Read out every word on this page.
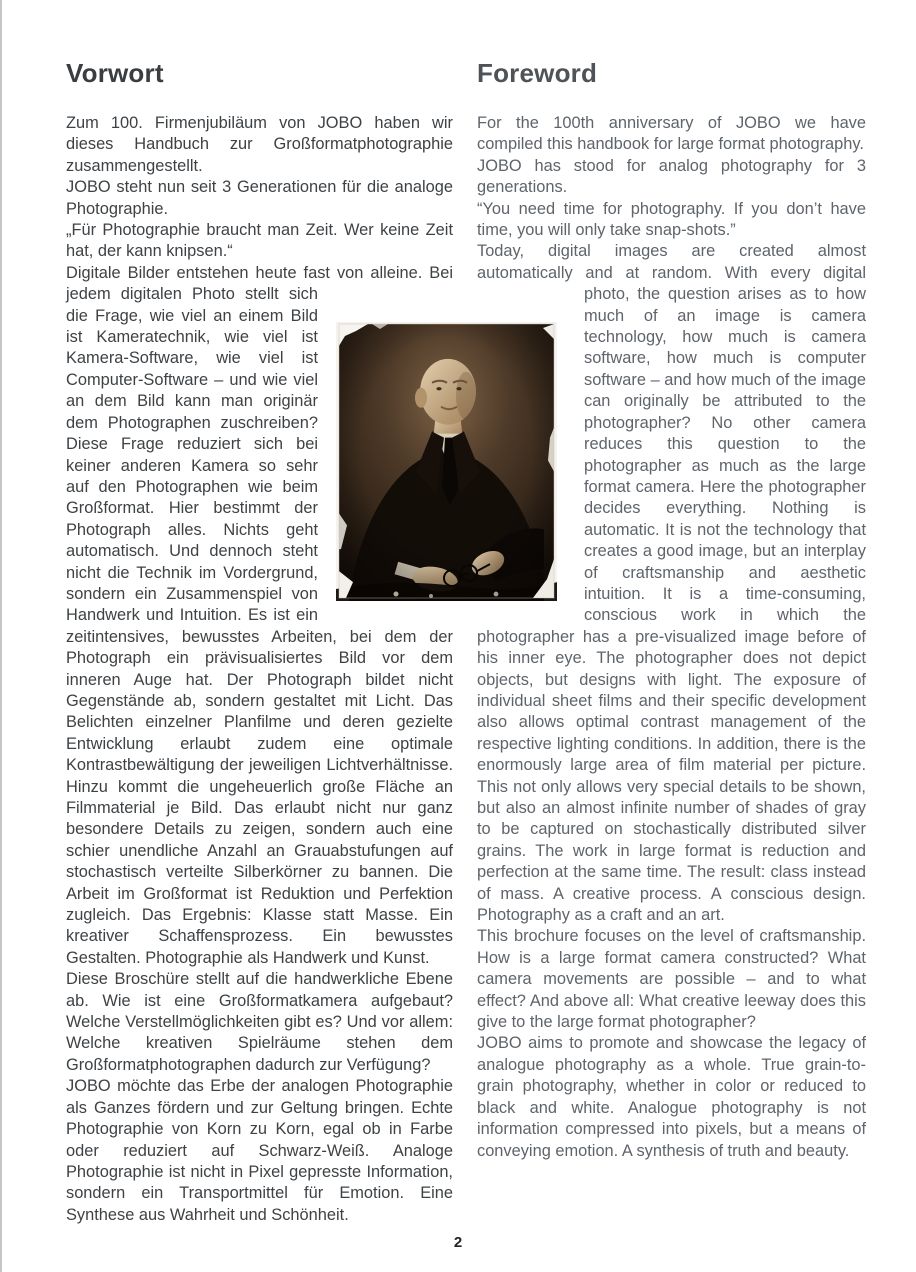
Vorwort

Zum 100. Firmenjubiläum von JOBO haben wir dieses Handbuch zur Großformatphotographie zusammengestellt.

JOBO steht nun seit 3 Generationen für die analoge Photographie.

„Für Photographie braucht man Zeit. Wer keine Zeit hat, der kann knipsen.“

Digitale Bilder entstehen heute fast von alleine. Bei jedem digitalen Photo stellt sich die Frage, wie viel an einem Bild ist Kameratechnik, wie viel ist Kamera-Software, wie viel ist Computer-Software – und wie viel an dem Bild kann man originär dem Photographen zuschreiben? Diese Frage reduziert sich bei keiner anderen Kamera so sehr auf den Photographen wie beim Großformat. Hier bestimmt der Photograph alles. Nichts geht automatisch. Und dennoch steht nicht die Technik im Vordergrund, sondern ein Zusammenspiel von Handwerk und Intuition. Es ist ein zeitintensives, bewusstes Arbeiten, bei dem der Photograph ein prävisualisiertes Bild vor dem inneren Auge hat. Der Photograph bildet nicht Gegenstände ab, sondern gestaltet mit Licht. Das Belichten einzelner Planfilme und deren gezielte Entwicklung erlaubt zudem eine optimale Kontrastbewältigung der jeweiligen Lichtverhältnisse. Hinzu kommt die ungeheuerlich große Fläche an Filmmaterial je Bild. Das erlaubt nicht nur ganz besondere Details zu zeigen, sondern auch eine schier unendliche Anzahl an Grauabstufungen auf stochastisch verteilte Silberkörner zu bannen. Die Arbeit im Großformat ist Reduktion und Perfektion zugleich. Das Ergebnis: Klasse statt Masse. Ein kreativer Schaffensprozess. Ein bewusstes Gestalten. Photographie als Handwerk und Kunst.

Diese Broschüre stellt auf die handwerkliche Ebene ab. Wie ist eine Großformatkamera aufgebaut? Welche Verstellmöglichkeiten gibt es? Und vor allem: Welche kreativen Spielräume stehen dem Großformatphotographen dadurch zur Verfügung?

JOBO möchte das Erbe der analogen Photographie als Ganzes fördern und zur Geltung bringen. Echte Photographie von Korn zu Korn, egal ob in Farbe oder reduziert auf Schwarz-Weiß. Analoge Photographie ist nicht in Pixel gepresste Information, sondern ein Transportmittel für Emotion. Eine Synthese aus Wahrheit und Schönheit.

Foreword

For the 100th anniversary of JOBO we have compiled this handbook for large format photography.

JOBO has stood for analog photography for 3 generations.

“You need time for photography. If you don’t have time, you will only take snap-shots.”

Today, digital images are created almost automatically and at random. With every digital photo, the question arises as to how much of an image is camera technology, how much is camera software, how much is computer software – and how much of the image can originally be attributed to the photographer? No other camera reduces this question to the photographer as much as the large format camera. Here the photographer decides everything. Nothing is automatic. It is not the technology that creates a good image, but an interplay of craftsmanship and aesthetic intuition. It is a time-consuming, conscious work in which the photographer has a pre-visualized image before of his inner eye. The photographer does not depict objects, but designs with light. The exposure of individual sheet films and their specific development also allows optimal contrast management of the respective lighting conditions. In addition, there is the enormously large area of film material per picture. This not only allows very special details to be shown, but also an almost infinite number of shades of gray to be captured on stochastically distributed silver grains. The work in large format is reduction and perfection at the same time. The result: class instead of mass. A creative process. A conscious design. Photography as a craft and an art.

This brochure focuses on the level of craftsmanship. How is a large format camera constructed? What camera movements are possible – and to what effect? And above all: What creative leeway does this give to the large format photographer?

JOBO aims to promote and showcase the legacy of analogue photography as a whole. True grain-to-grain photography, whether in color or reduced to black and white. Analogue photography is not information compressed into pixels, but a means of conveying emotion. A synthesis of truth and beauty.

2
